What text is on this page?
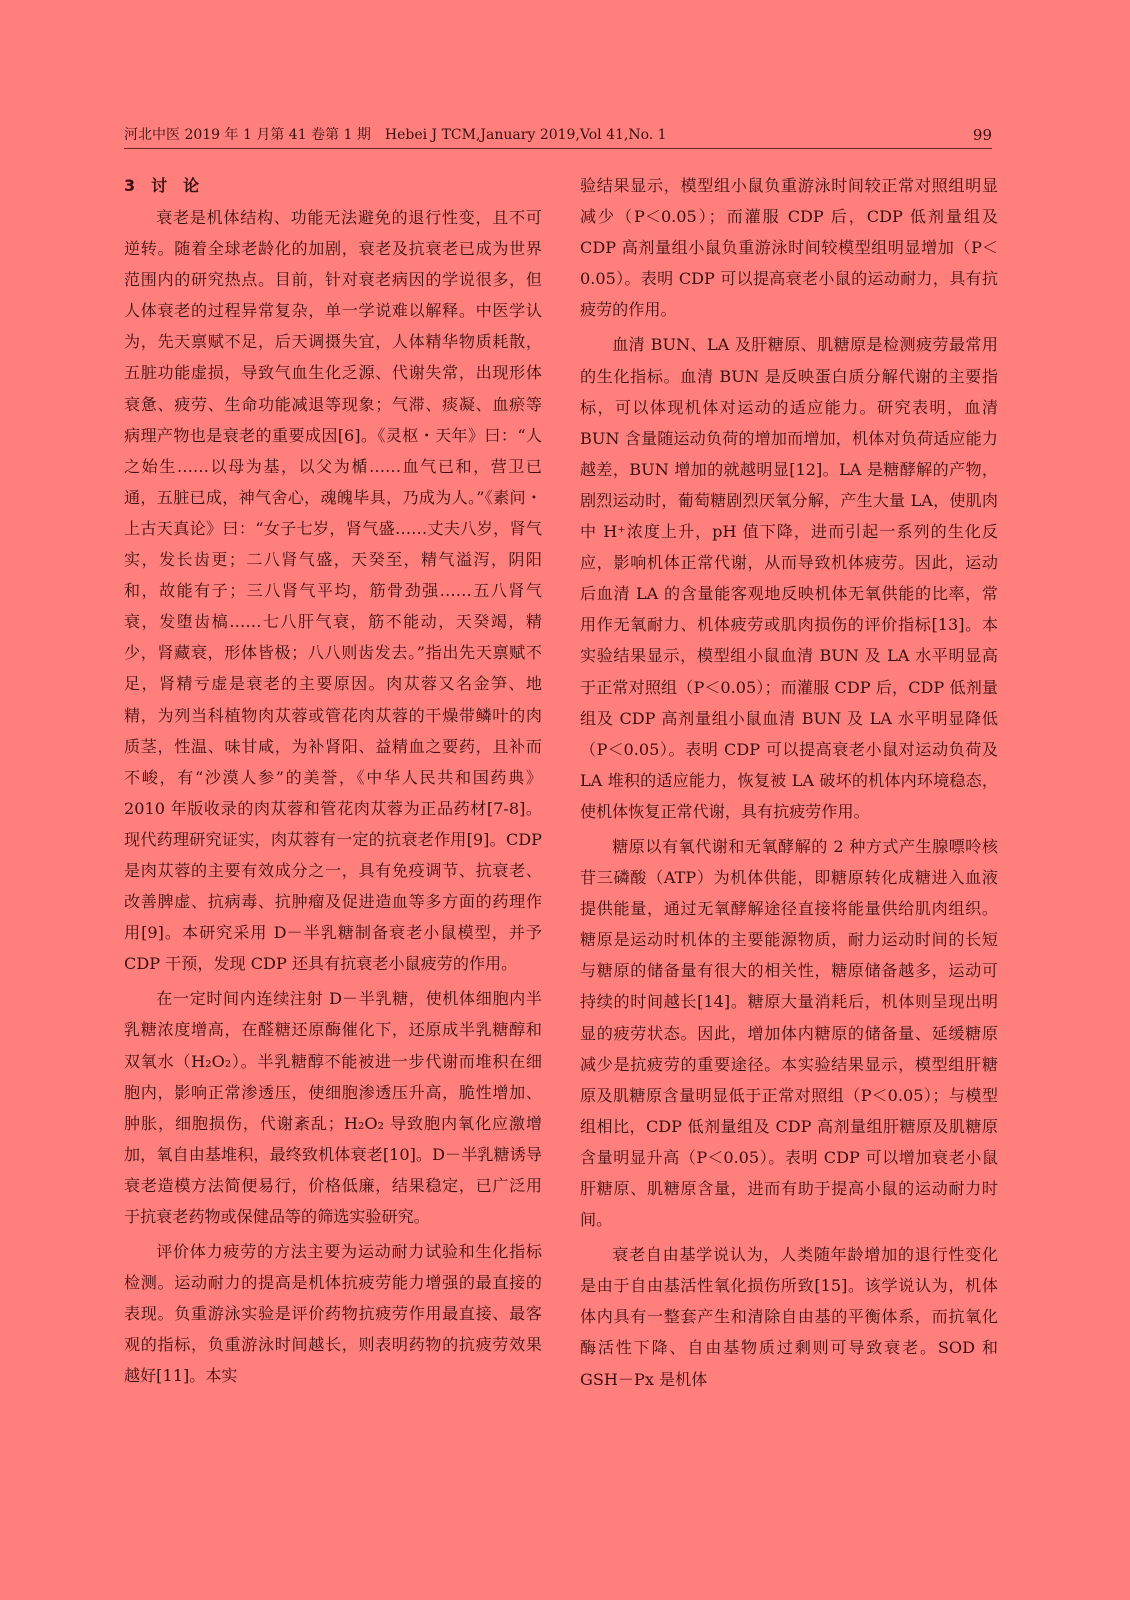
河北中医 2019 年 1 月第 41 卷第 1 期　Hebei J TCM,January 2019,Vol 41,No. 1	99
3　讨　论

衰老是机体结构、功能无法避免的退行性变，且不可逆转。随着全球老龄化的加剧，衰老及抗衰老已成为世界范围内的研究热点。目前，针对衰老病因的学说很多，但人体衰老的过程异常复杂，单一学说难以解释。中医学认为，先天禀赋不足，后天调摄失宜，人体精华物质耗散，五脏功能虚损，导致气血生化乏源、代谢失常，出现形体衰惫、疲劳、生命功能减退等现象；气滞、痰凝、血瘀等病理产物也是衰老的重要成因[6]。《灵枢・天年》曰：“人之始生……以母为基，以父为楯……血气已和，营卫已通，五脏已成，神气舍心，魂魄毕具，乃成为人。”《素问・上古天真论》曰：“女子七岁，肾气盛……丈夫八岁，肾气实，发长齿更；二八肾气盛，天癸至，精气溢泻，阴阳和，故能有子；三八肾气平均，筋骨劲强……五八肾气衰，发堕齿槁……七八肝气衰，筋不能动，天癸竭，精少，肾藏衰，形体皆极；八八则齿发去。”指出先天禀赋不足，肾精亏虚是衰老的主要原因。肉苁蓉又名金笋、地精，为列当科植物肉苁蓉或管花肉苁蓉的干燥带鳞叶的肉质茎，性温、味甘咸，为补肾阳、益精血之要药，且补而不峻，有“沙漠人参”的美誉，《中华人民共和国药典》2010 年版收录的肉苁蓉和管花肉苁蓉为正品药材[7-8]。现代药理研究证实，肉苁蓉有一定的抗衰老作用[9]。CDP 是肉苁蓉的主要有效成分之一，具有免疫调节、抗衰老、改善脾虚、抗病毒、抗肿瘤及促进造血等多方面的药理作用[9]。本研究采用 D－半乳糖制备衰老小鼠模型，并予 CDP 干预，发现 CDP 还具有抗衰老小鼠疲劳的作用。

在一定时间内连续注射 D－半乳糖，使机体细胞内半乳糖浓度增高，在醛糖还原酶催化下，还原成半乳糖醇和双氧水（H₂O₂）。半乳糖醇不能被进一步代谢而堆积在细胞内，影响正常渗透压，使细胞渗透压升高，脆性增加、肿胀，细胞损伤，代谢紊乱；H₂O₂ 导致胞内氧化应激增加，氧自由基堆积，最终致机体衰老[10]。D－半乳糖诱导衰老造模方法简便易行，价格低廉，结果稳定，已广泛用于抗衰老药物或保健品等的筛选实验研究。

评价体力疲劳的方法主要为运动耐力试验和生化指标检测。运动耐力的提高是机体抗疲劳能力增强的最直接的表现。负重游泳实验是评价药物抗疲劳作用最直接、最客观的指标，负重游泳时间越长，则表明药物的抗疲劳效果越好[11]。本实

验结果显示，模型组小鼠负重游泳时间较正常对照组明显减少（P＜0.05）；而灌服 CDP 后，CDP 低剂量组及 CDP 高剂量组小鼠负重游泳时间较模型组明显增加（P＜0.05）。表明 CDP 可以提高衰老小鼠的运动耐力，具有抗疲劳的作用。

血清 BUN、LA 及肝糖原、肌糖原是检测疲劳最常用的生化指标。血清 BUN 是反映蛋白质分解代谢的主要指标，可以体现机体对运动的适应能力。研究表明，血清 BUN 含量随运动负荷的增加而增加，机体对负荷适应能力越差，BUN 增加的就越明显[12]。LA 是糖酵解的产物，剧烈运动时，葡萄糖剧烈厌氧分解，产生大量 LA，使肌肉中 H⁺浓度上升，pH 值下降，进而引起一系列的生化反应，影响机体正常代谢，从而导致机体疲劳。因此，运动后血清 LA 的含量能客观地反映机体无氧供能的比率，常用作无氧耐力、机体疲劳或肌肉损伤的评价指标[13]。本实验结果显示，模型组小鼠血清 BUN 及 LA 水平明显高于正常对照组（P＜0.05）；而灌服 CDP 后，CDP 低剂量组及 CDP 高剂量组小鼠血清 BUN 及 LA 水平明显降低（P＜0.05）。表明 CDP 可以提高衰老小鼠对运动负荷及 LA 堆积的适应能力，恢复被 LA 破坏的机体内环境稳态，使机体恢复正常代谢，具有抗疲劳作用。

糖原以有氧代谢和无氧酵解的 2 种方式产生腺嘌呤核苷三磷酸（ATP）为机体供能，即糖原转化成糖进入血液提供能量，通过无氧酵解途径直接将能量供给肌肉组织。糖原是运动时机体的主要能源物质，耐力运动时间的长短与糖原的储备量有很大的相关性，糖原储备越多，运动可持续的时间越长[14]。糖原大量消耗后，机体则呈现出明显的疲劳状态。因此，增加体内糖原的储备量、延缓糖原减少是抗疲劳的重要途径。本实验结果显示，模型组肝糖原及肌糖原含量明显低于正常对照组（P＜0.05）；与模型组相比，CDP 低剂量组及 CDP 高剂量组肝糖原及肌糖原含量明显升高（P＜0.05）。表明 CDP 可以增加衰老小鼠肝糖原、肌糖原含量，进而有助于提高小鼠的运动耐力时间。

衰老自由基学说认为，人类随年龄增加的退行性变化是由于自由基活性氧化损伤所致[15]。该学说认为，机体体内具有一整套产生和清除自由基的平衡体系，而抗氧化酶活性下降、自由基物质过剩则可导致衰老。SOD 和 GSH－Px 是机体
